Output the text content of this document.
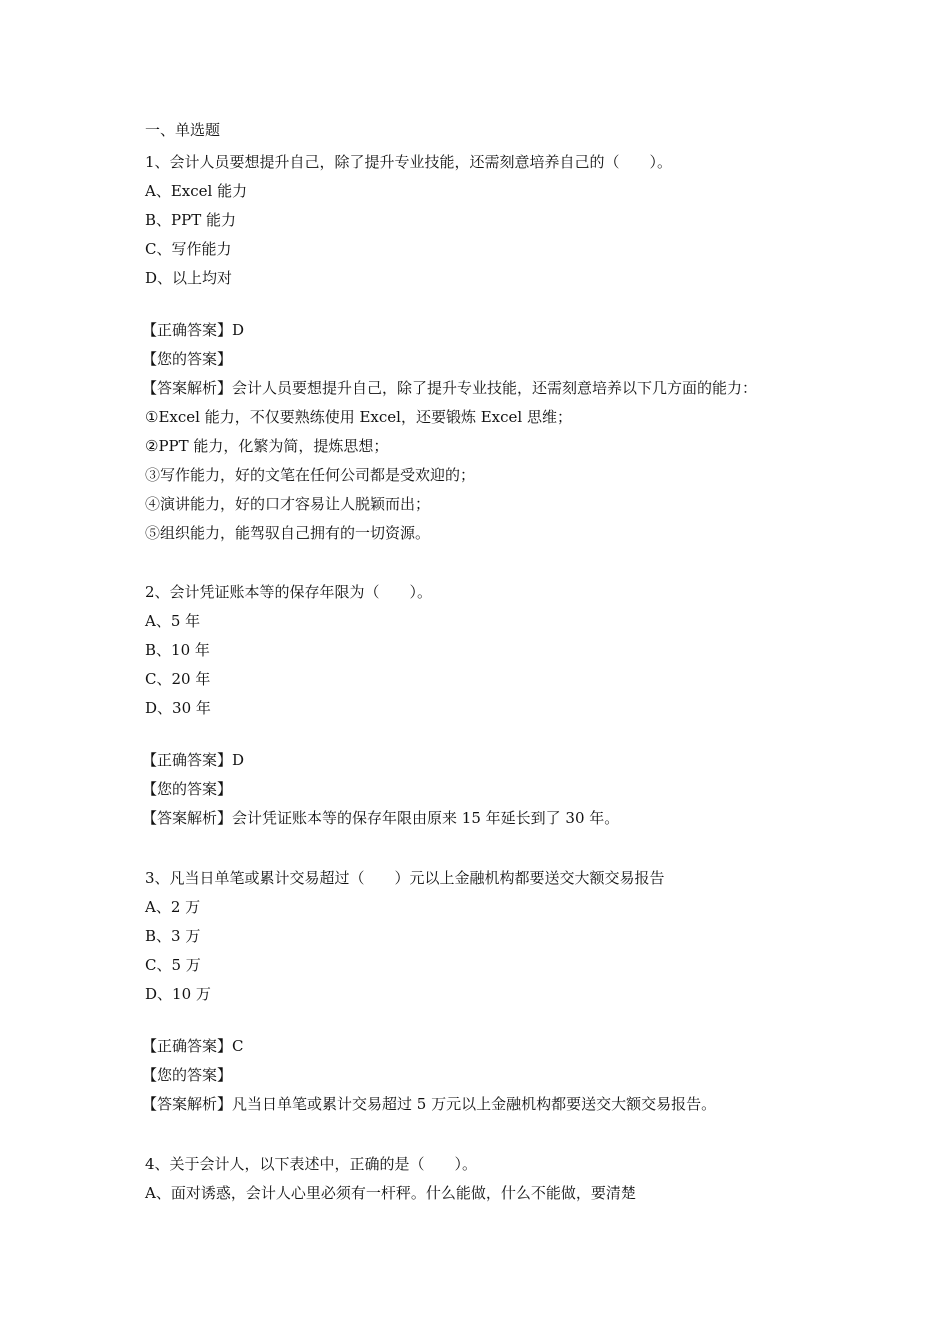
一、单选题
1、会计人员要想提升自己，除了提升专业技能，还需刻意培养自己的（　　）。
A、Excel 能力
B、PPT 能力
C、写作能力
D、以上均对
【正确答案】D
【您的答案】
【答案解析】会计人员要想提升自己，除了提升专业技能，还需刻意培养以下几方面的能力：
①Excel 能力，不仅要熟练使用 Excel，还要锻炼 Excel 思维；
②PPT 能力，化繁为简，提炼思想；
③写作能力，好的文笔在任何公司都是受欢迎的；
④演讲能力，好的口才容易让人脱颖而出；
⑤组织能力，能驾驭自己拥有的一切资源。
2、会计凭证账本等的保存年限为（　　）。
A、5 年
B、10 年
C、20 年
D、30 年
【正确答案】D
【您的答案】
【答案解析】会计凭证账本等的保存年限由原来 15 年延长到了 30 年。
3、凡当日单笔或累计交易超过（　　）元以上金融机构都要送交大额交易报告
A、2 万
B、3 万
C、5 万
D、10 万
【正确答案】C
【您的答案】
【答案解析】凡当日单笔或累计交易超过 5 万元以上金融机构都要送交大额交易报告。
4、关于会计人，以下表述中，正确的是（　　）。
A、面对诱惑，会计人心里必须有一杆秤。什么能做，什么不能做，要清楚
